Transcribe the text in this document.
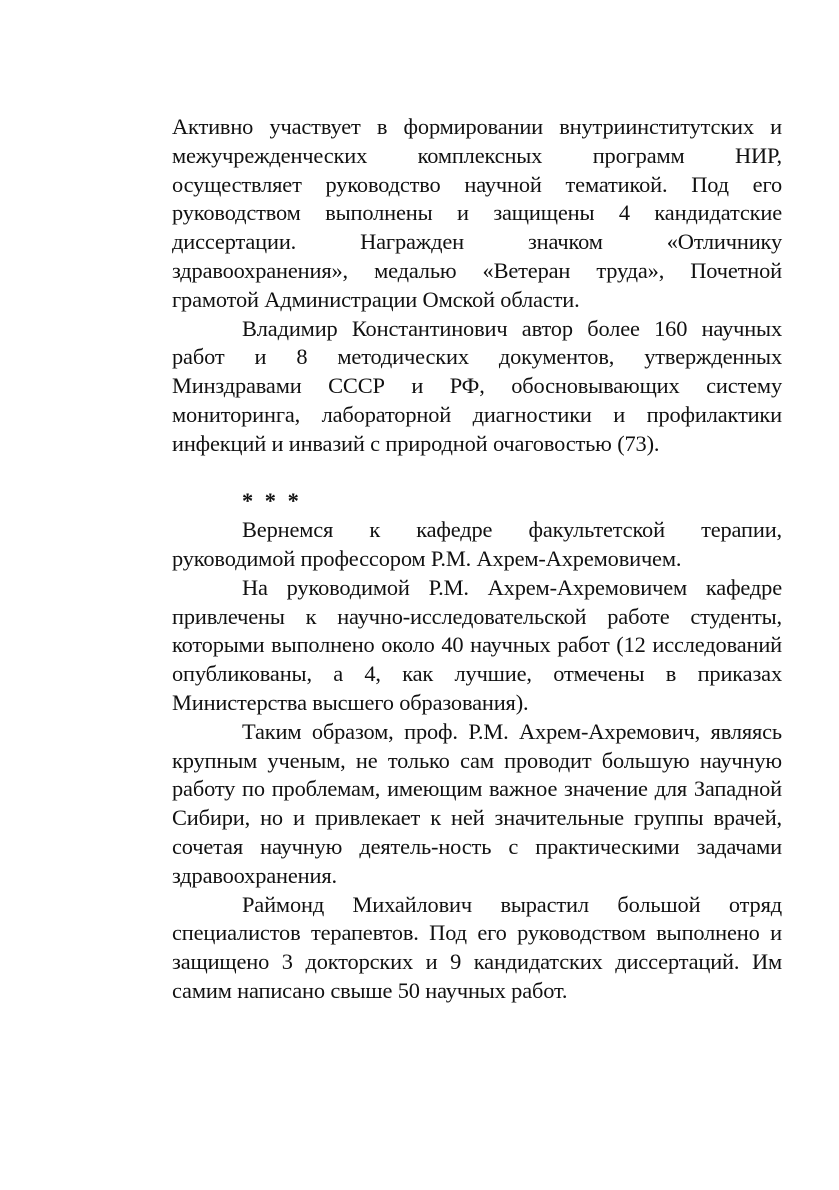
Активно участвует в формировании внутриинститутских и межучрежденческих комплексных программ НИР, осуществляет руководство научной тематикой. Под его руководством выполнены и защищены 4 кандидатские диссертации. Награжден значком «Отличнику здравоохранения», медалью «Ветеран труда», Почетной грамотой Администрации Омской области.

Владимир Константинович автор более 160 научных работ и 8 методических документов, утвержденных Минздравами СССР и РФ, обосновывающих систему мониторинга, лабораторной диагностики и профилактики инфекций и инвазий с природной очаговостью (73).

* * *

Вернемся к кафедре факультетской терапии, руководимой профессором Р.М. Ахрем-Ахремовичем.

На руководимой Р.М. Ахрем-Ахремовичем кафедре привлечены к научно-исследовательской работе студенты, которыми выполнено около 40 научных работ (12 исследований опубликованы, а 4, как лучшие, отмечены в приказах Министерства высшего образования).

Таким образом, проф. Р.М. Ахрем-Ахремович, являясь крупным ученым, не только сам проводит большую научную работу по проблемам, имеющим важное значение для Западной Сибири, но и привлекает к ней значительные группы врачей, сочетая научную деятель-ность с практическими задачами здравоохранения.

Раймонд Михайлович вырастил большой отряд специалистов терапевтов. Под его руководством выполнено и защищено 3 докторских и 9 кандидатских диссертаций. Им самим написано свыше 50 научных работ.
